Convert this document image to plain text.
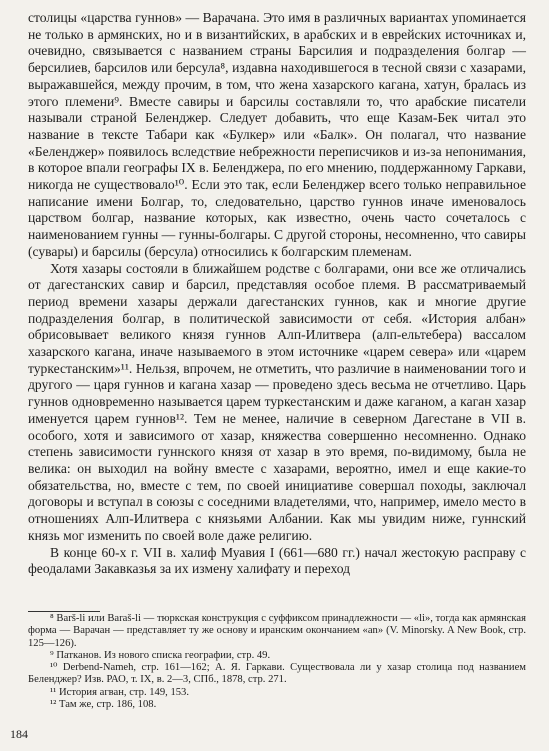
столицы «царства гуннов» — Варачана. Это имя в различных вариантах упоминается не только в армянских, но и в византийских, в арабских и в еврейских источниках и, очевидно, связывается с названием страны Барсилия и подразделения болгар — берсилиев, барсилов или берсула⁸, издавна находившегося в тесной связи с хазарами, выражавшейся, между прочим, в том, что жена хазарского кагана, хатун, бралась из этого племени⁹. Вместе савиры и барсилы составляли то, что арабские писатели называли страной Беленджер. Следует добавить, что еще Казам-Бек читал это название в тексте Табари как «Булкер» или «Балк». Он полагал, что название «Беленджер» появилось вследствие небрежности переписчиков и из-за непонимания, в которое впали географы IX в. Беленджера, по его мнению, поддержанному Гаркави, никогда не существовало¹⁰. Если это так, если Беленджер всего только неправильное написание имени Болгар, то, следовательно, царство гуннов иначе именовалось царством болгар, название которых, как известно, очень часто сочеталось с наименованием гунны — гунны-болгары. С другой стороны, несомненно, что савиры (сувары) и барсилы (берсула) относились к болгарским племенам.

Хотя хазары состояли в ближайшем родстве с болгарами, они все же отличались от дагестанских савир и барсил, представляя особое племя. В рассматриваемый период времени хазары держали дагестанских гуннов, как и многие другие подразделения болгар, в политической зависимости от себя. «История албан» обрисовывает великого князя гуннов Алп-Илитвера (алп-ельтебера) вассалом хазарского кагана, иначе называемого в этом источнике «царем севера» или «царем туркестанским»¹¹. Нельзя, впрочем, не отметить, что различие в наименовании того и другого — царя гуннов и кагана хазар — проведено здесь весьма не отчетливо. Царь гуннов одновременно называется царем туркестанским и даже каганом, а каган хазар именуется царем гуннов¹². Тем не менее, наличие в северном Дагестане в VII в. особого, хотя и зависимого от хазар, княжества совершенно несомненно. Однако степень зависимости гуннского князя от хазар в это время, по-видимому, была не велика: он выходил на войну вместе с хазарами, вероятно, имел и еще какие-то обязательства, но, вместе с тем, по своей инициативе совершал походы, заключал договоры и вступал в союзы с соседними владетелями, что, например, имело место в отношениях Алп-Илитвера с князьями Албании. Как мы увидим ниже, гуннский князь мог изменить по своей воле даже религию.

В конце 60-х г. VII в. халиф Муавия I (661—680 гг.) начал жестокую расправу с феодалами Закавказья за их измену халифату и переход

⁸ Barš-li или Baraš-li — тюркская конструкция с суффиксом принадлежности — «li», тогда как армянская форма — Варачан — представляет ту же основу и иранским окончанием «an» (V. Minorsky. A New Book, стр. 125—126).

⁹ Патканов. Из нового списка географии, стр. 49.

¹⁰ Derbend-Nameh, стр. 161—162; А. Я. Гаркави. Существовала ли у хазар столица под названием Беленджер? Изв. РАО, т. IX, в. 2—3, СПб., 1878, стр. 271.

¹¹ История агван, стр. 149, 153.

¹² Там же, стр. 186, 108.

184
